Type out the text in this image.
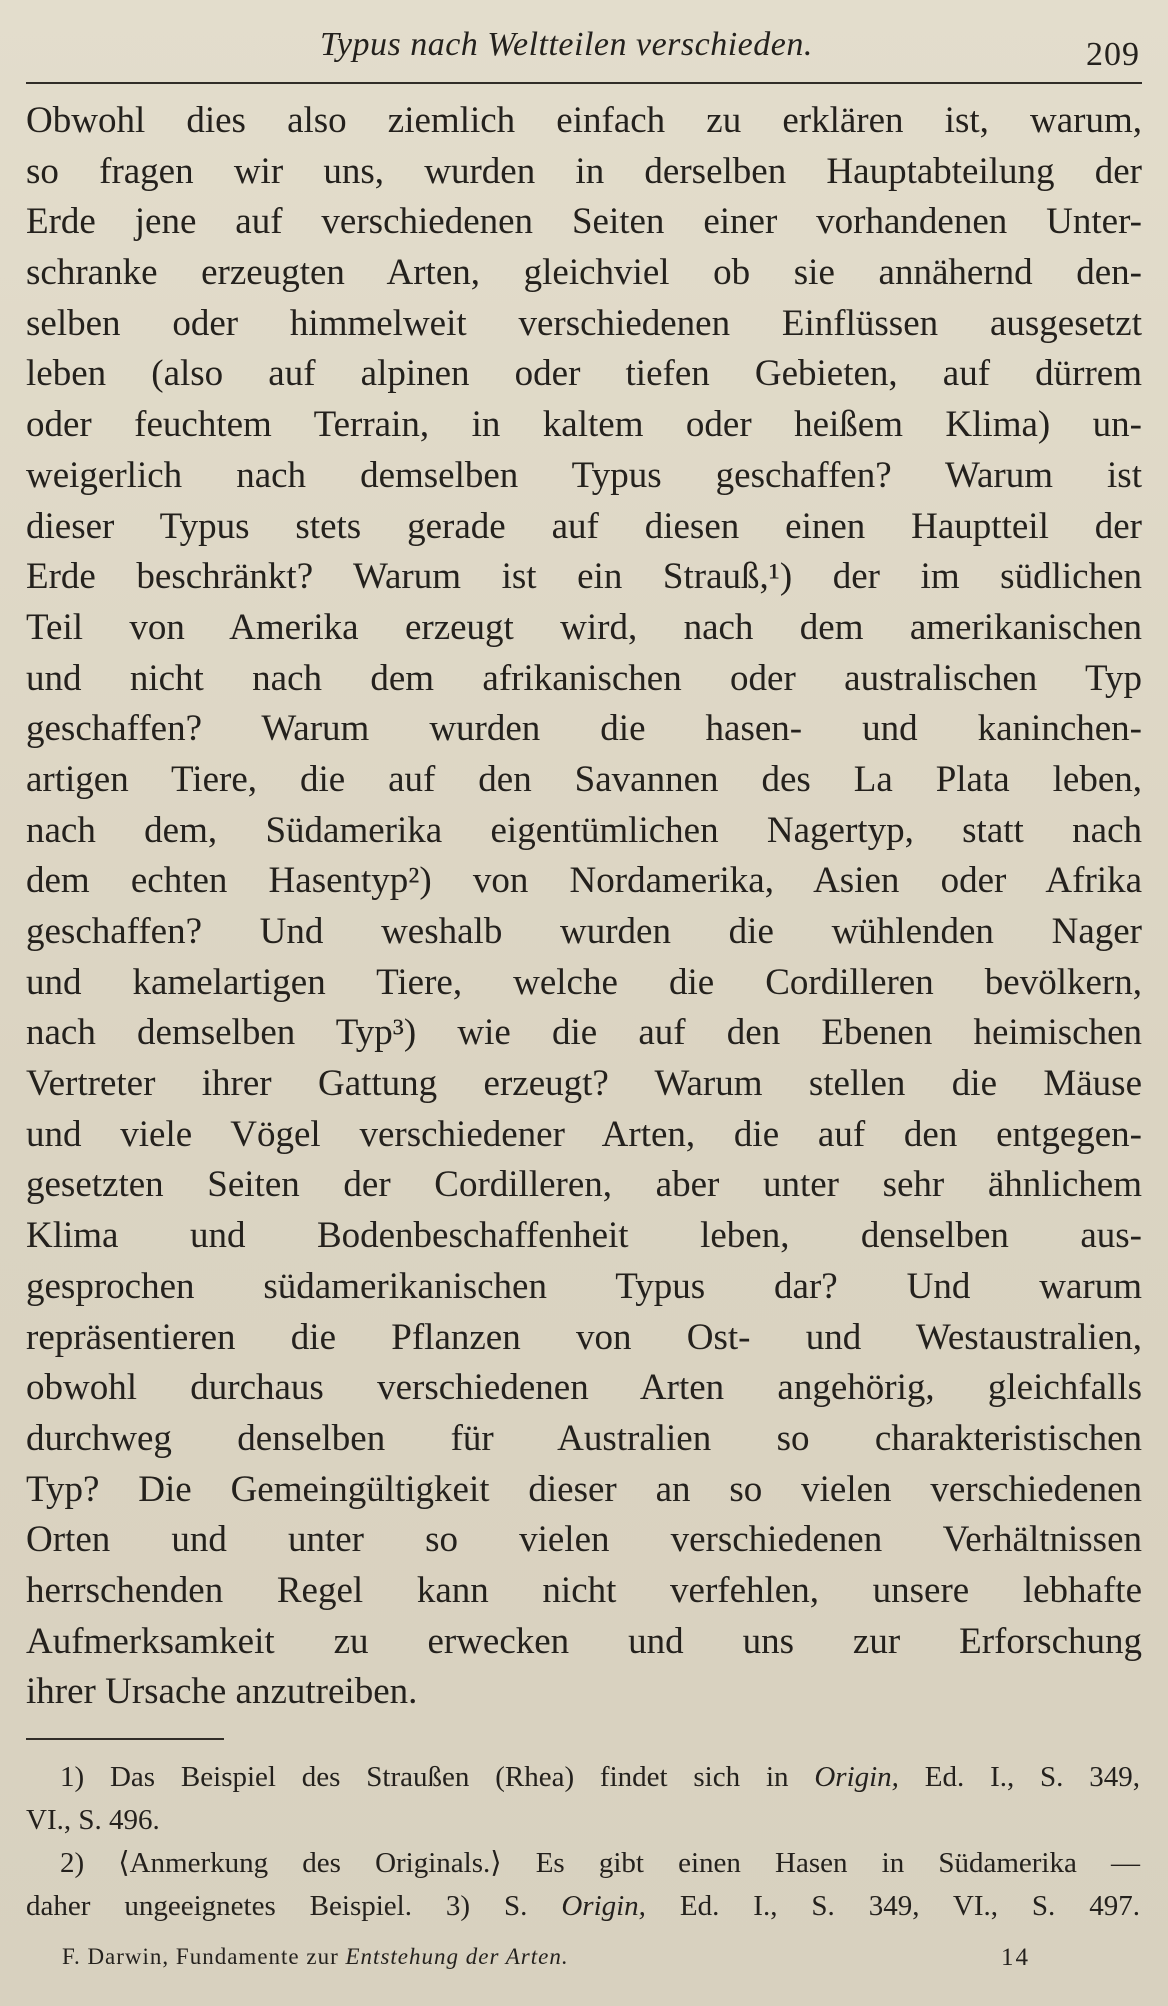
Typus nach Weltteilen verschieden.	209
Obwohl dies also ziemlich einfach zu erklären ist, warum,
so fragen wir uns, wurden in derselben Hauptabteilung der
Erde jene auf verschiedenen Seiten einer vorhandenen Unter-
schranke erzeugten Arten, gleichviel ob sie annähernd den-
selben oder himmelweit verschiedenen Einflüssen ausgesetzt
leben (also auf alpinen oder tiefen Gebieten, auf dürrem
oder feuchtem Terrain, in kaltem oder heißem Klima) un-
weigerlich nach demselben Typus geschaffen? Warum ist
dieser Typus stets gerade auf diesen einen Hauptteil der
Erde beschränkt? Warum ist ein Strauß,¹) der im südlichen
Teil von Amerika erzeugt wird, nach dem amerikanischen
und nicht nach dem afrikanischen oder australischen Typ
geschaffen? Warum wurden die hasen- und kaninchen-
artigen Tiere, die auf den Savannen des La Plata leben,
nach dem, Südamerika eigentümlichen Nagertyp, statt nach
dem echten Hasentyp²) von Nordamerika, Asien oder Afrika
geschaffen? Und weshalb wurden die wühlenden Nager
und kamelartigen Tiere, welche die Cordilleren bevölkern,
nach demselben Typ³) wie die auf den Ebenen heimischen
Vertreter ihrer Gattung erzeugt? Warum stellen die Mäuse
und viele Vögel verschiedener Arten, die auf den entgegen-
gesetzten Seiten der Cordilleren, aber unter sehr ähnlichem
Klima und Bodenbeschaffenheit leben, denselben aus-
gesprochen südamerikanischen Typus dar? Und warum
repräsentieren die Pflanzen von Ost- und Westaustralien,
obwohl durchaus verschiedenen Arten angehörig, gleichfalls
durchweg denselben für Australien so charakteristischen
Typ? Die Gemeingültigkeit dieser an so vielen verschiedenen
Orten und unter so vielen verschiedenen Verhältnissen
herrschenden Regel kann nicht verfehlen, unsere lebhafte
Aufmerksamkeit zu erwecken und uns zur Erforschung
ihrer Ursache anzutreiben.
1) Das Beispiel des Straußen (Rhea) findet sich in Origin, Ed. I., S. 349,
VI., S. 496.
2) ⟨Anmerkung des Originals.⟩ Es gibt einen Hasen in Südamerika —
daher ungeeignetes Beispiel. 3) S. Origin, Ed. I., S. 349, VI., S. 497.
F. Darwin, Fundamente zur Entstehung der Arten.	14
